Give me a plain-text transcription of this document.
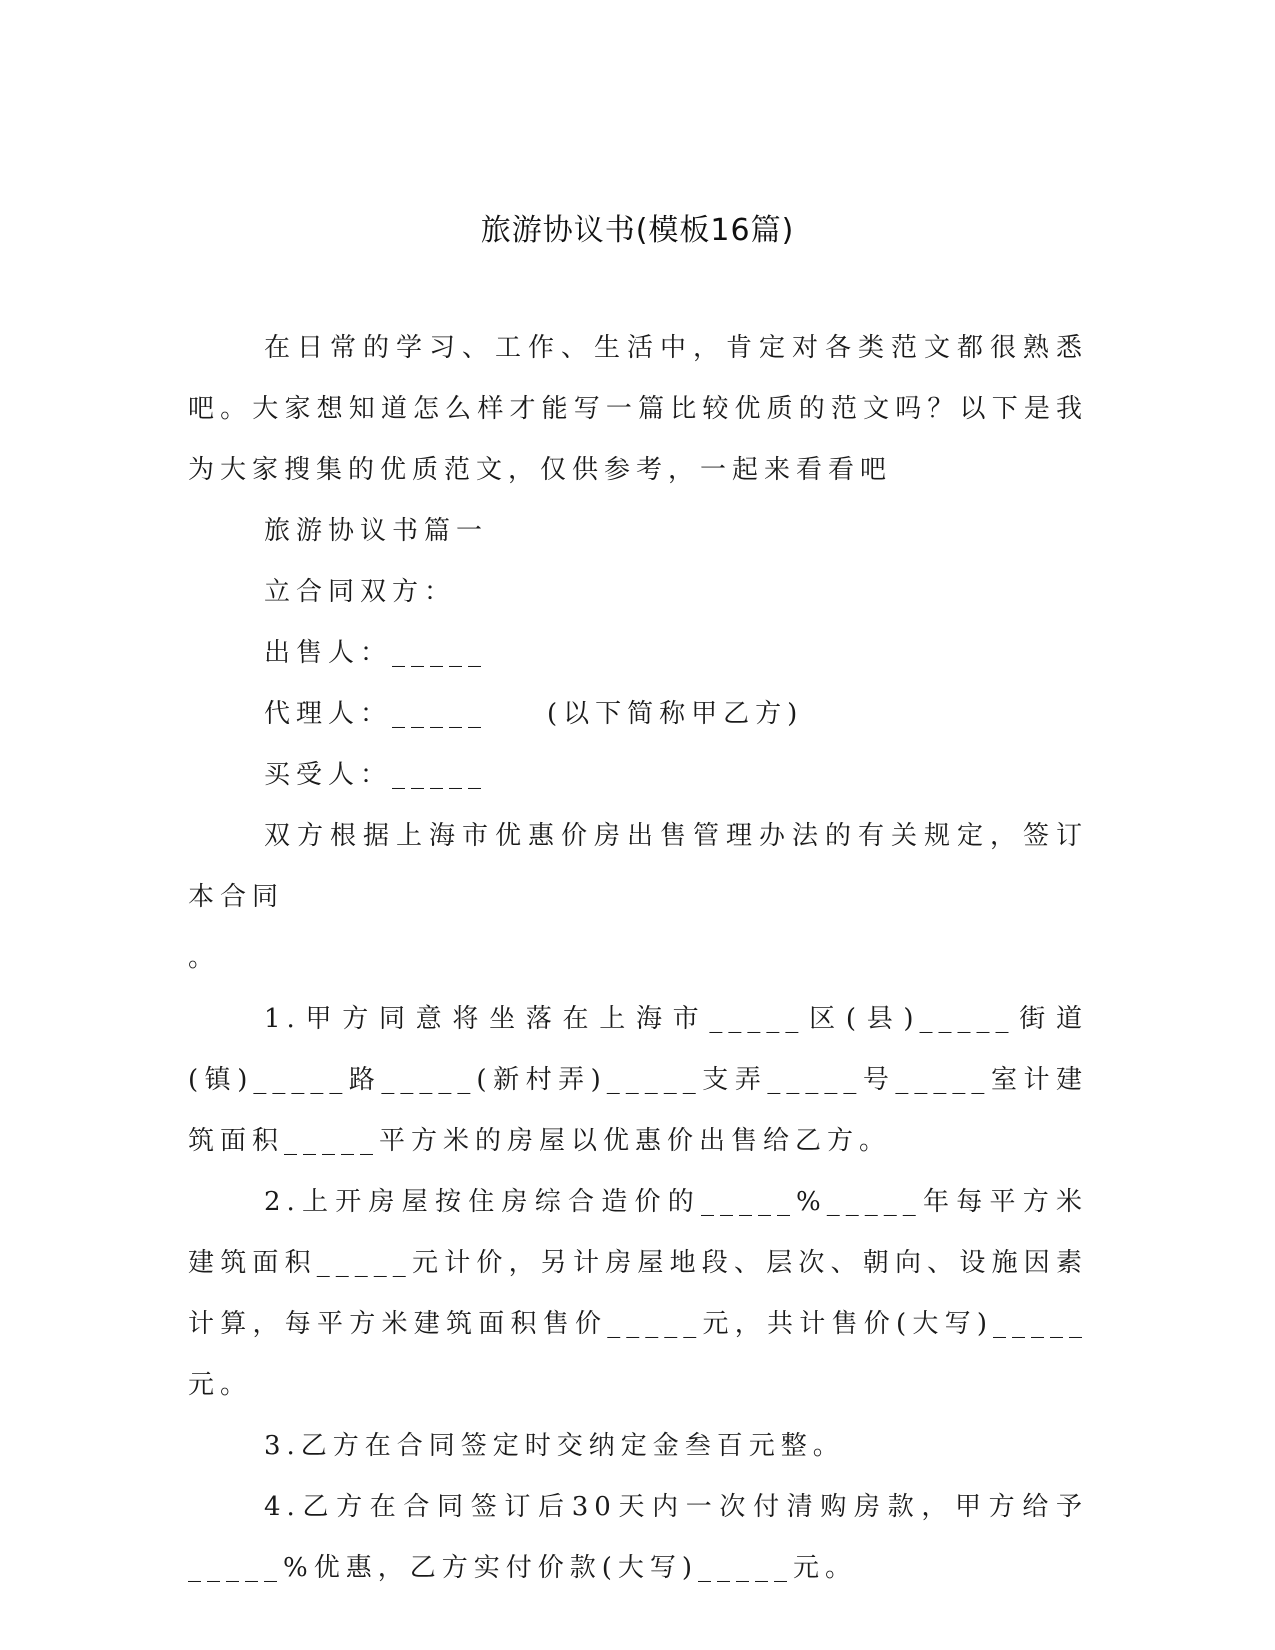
旅游协议书(模板16篇)

在日常的学习、工作、生活中，肯定对各类范文都很熟悉吧。大家想知道怎么样才能写一篇比较优质的范文吗？以下是我为大家搜集的优质范文，仅供参考，一起来看看吧

旅游协议书篇一

立合同双方：

出售人：_____

代理人：_____ (以下简称甲乙方)

买受人：_____

双方根据上海市优惠价房出售管理办法的有关规定，签订本合同

。

1.甲方同意将坐落在上海市_____区(县)_____街道(镇)_____路_____(新村弄)_____支弄_____号_____室计建筑面积_____平方米的房屋以优惠价出售给乙方。

2.上开房屋按住房综合造价的_____%_____年每平方米建筑面积_____元计价，另计房屋地段、层次、朝向、设施因素计算，每平方米建筑面积售价_____元，共计售价(大写)_____元。

3.乙方在合同签定时交纳定金叁百元整。

4.乙方在合同签订后30天内一次付清购房款，甲方给予_____%优惠，乙方实付价款(大写)_____元。
